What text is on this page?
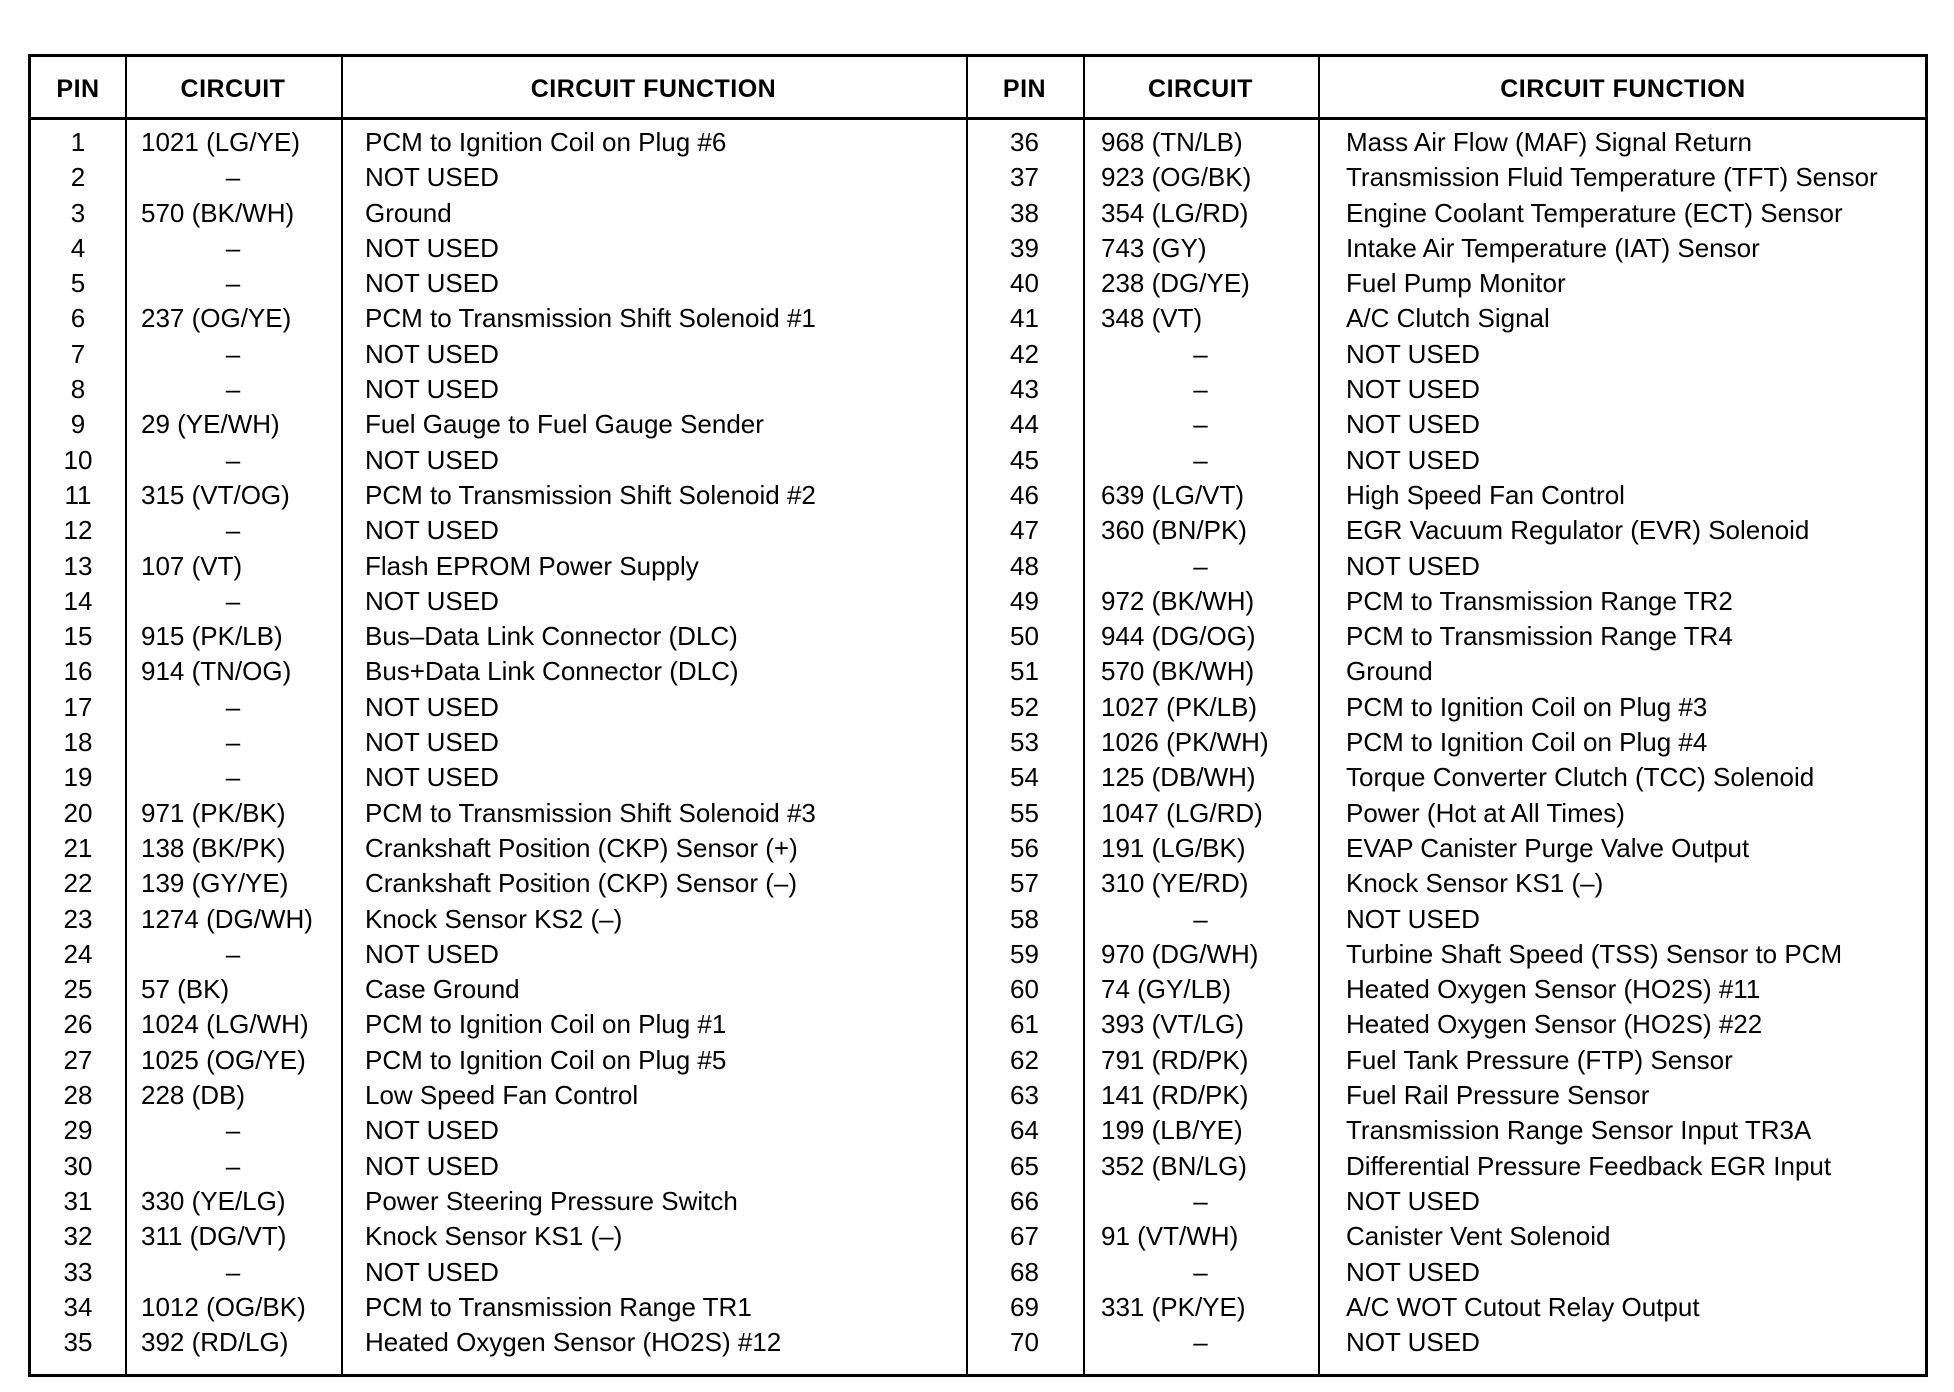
PIN	CIRCUIT	CIRCUIT FUNCTION
1	1021 (LG/YE)	PCM to Ignition Coil on Plug #6
2	–	NOT USED
3	570 (BK/WH)	Ground
4	–	NOT USED
5	–	NOT USED
6	237 (OG/YE)	PCM to Transmission Shift Solenoid #1
7	–	NOT USED
8	–	NOT USED
9	29 (YE/WH)	Fuel Gauge to Fuel Gauge Sender
10	–	NOT USED
11	315 (VT/OG)	PCM to Transmission Shift Solenoid #2
12	–	NOT USED
13	107 (VT)	Flash EPROM Power Supply
14	–	NOT USED
15	915 (PK/LB)	Bus–Data Link Connector (DLC)
16	914 (TN/OG)	Bus+Data Link Connector (DLC)
17	–	NOT USED
18	–	NOT USED
19	–	NOT USED
20	971 (PK/BK)	PCM to Transmission Shift Solenoid #3
21	138 (BK/PK)	Crankshaft Position (CKP) Sensor (+)
22	139 (GY/YE)	Crankshaft Position (CKP) Sensor (–)
23	1274 (DG/WH) Knock Sensor KS2 (–)
24	–	NOT USED
25	57 (BK)	Case Ground
26	1024 (LG/WH) PCM to Ignition Coil on Plug #1
27	1025 (OG/YE) PCM to Ignition Coil on Plug #5
28	228 (DB)	Low Speed Fan Control
29	–	NOT USED
30	–	NOT USED
31	330 (YE/LG)	Power Steering Pressure Switch
32	311 (DG/VT)	Knock Sensor KS1 (–)
33	–	NOT USED
34	1012 (OG/BK) PCM to Transmission Range TR1
35	392 (RD/LG)	Heated Oxygen Sensor (HO2S) #12
PIN	CIRCUIT	CIRCUIT FUNCTION
36	968 (TN/LB)	Mass Air Flow (MAF) Signal Return
37	923 (OG/BK)	Transmission Fluid Temperature (TFT) Sensor
38	354 (LG/RD)	Engine Coolant Temperature (ECT) Sensor
39	743 (GY)	Intake Air Temperature (IAT) Sensor
40	238 (DG/YE)	Fuel Pump Monitor
41	348 (VT)	A/C Clutch Signal
42	–	NOT USED
43	–	NOT USED
44	–	NOT USED
45	–	NOT USED
46	639 (LG/VT)	High Speed Fan Control
47	360 (BN/PK)	EGR Vacuum Regulator (EVR) Solenoid
48	–	NOT USED
49	972 (BK/WH)	PCM to Transmission Range TR2
50	944 (DG/OG)	PCM to Transmission Range TR4
51	570 (BK/WH)	Ground
52	1027 (PK/LB)	PCM to Ignition Coil on Plug #3
53	1026 (PK/WH)	PCM to Ignition Coil on Plug #4
54	125 (DB/WH)	Torque Converter Clutch (TCC) Solenoid
55	1047 (LG/RD)	Power (Hot at All Times)
56	191 (LG/BK)	EVAP Canister Purge Valve Output
57	310 (YE/RD)	Knock Sensor KS1 (–)
58	–	NOT USED
59	970 (DG/WH)	Turbine Shaft Speed (TSS) Sensor to PCM
60	74 (GY/LB)	Heated Oxygen Sensor (HO2S) #11
61	393 (VT/LG)	Heated Oxygen Sensor (HO2S) #22
62	791 (RD/PK)	Fuel Tank Pressure (FTP) Sensor
63	141 (RD/PK)	Fuel Rail Pressure Sensor
64	199 (LB/YE)	Transmission Range Sensor Input TR3A
65	352 (BN/LG)	Differential Pressure Feedback EGR Input
66	–	NOT USED
67	91 (VT/WH)	Canister Vent Solenoid
68	–	NOT USED
69	331 (PK/YE)	A/C WOT Cutout Relay Output
70	–	NOT USED
